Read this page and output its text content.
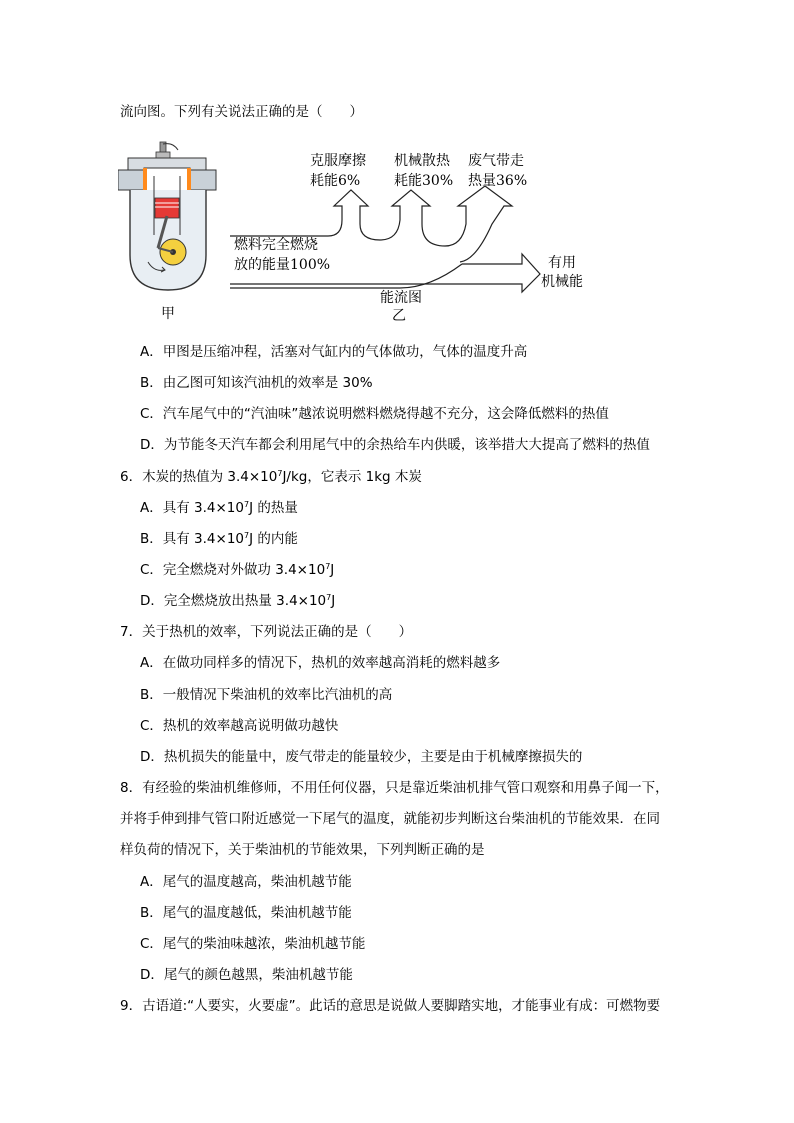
流向图。下列有关说法正确的是（　　）
甲
克服摩擦
耗能6%
机械散热
耗能30%
废气带走
热量36%
燃料完全燃烧
放的能量100%	有用
机械能
能流图
乙
A．甲图是压缩冲程，活塞对气缸内的气体做功，气体的温度升高
B．由乙图可知该汽油机的效率是 30%
C．汽车尾气中的“汽油味”越浓说明燃料燃烧得越不充分，这会降低燃料的热值
D．为节能冬天汽车都会利用尾气中的余热给车内供暖，该举措大大提高了燃料的热值
6．木炭的热值为 $3.4\times 10^7J/kg$，它表示 1kg 木炭
A．具有 $3.4\times 10^7J$ 的热量
B．具有 $3.4\times 10^7J$ 的内能
C．完全燃烧对外做功 $3.4\times 10^7J$
D．完全燃烧放出热量 $3.4\times 10^7J$
7．关于热机的效率，下列说法正确的是（　　）
A．在做功同样多的情况下，热机的效率越高消耗的燃料越多
B．一般情况下柴油机的效率比汽油机的高
C．热机的效率越高说明做功越快
D．热机损失的能量中，废气带走的能量较少，主要是由于机械摩擦损失的
8．有经验的柴油机维修师，不用任何仪器，只是靠近柴油机排气管口观察和用鼻子闻一下，
并将手伸到排气管口附近感觉一下尾气的温度，就能初步判断这台柴油机的节能效果．在同
样负荷的情况下，关于柴油机的节能效果，下列判断正确的是
A．尾气的温度越高，柴油机越节能
B．尾气的温度越低，柴油机越节能
C．尾气的柴油味越浓，柴油机越节能
D．尾气的颜色越黑，柴油机越节能
9．古语道:“人要实，火要虚”。此话的意思是说做人要脚踏实地，才能事业有成：可燃物要
